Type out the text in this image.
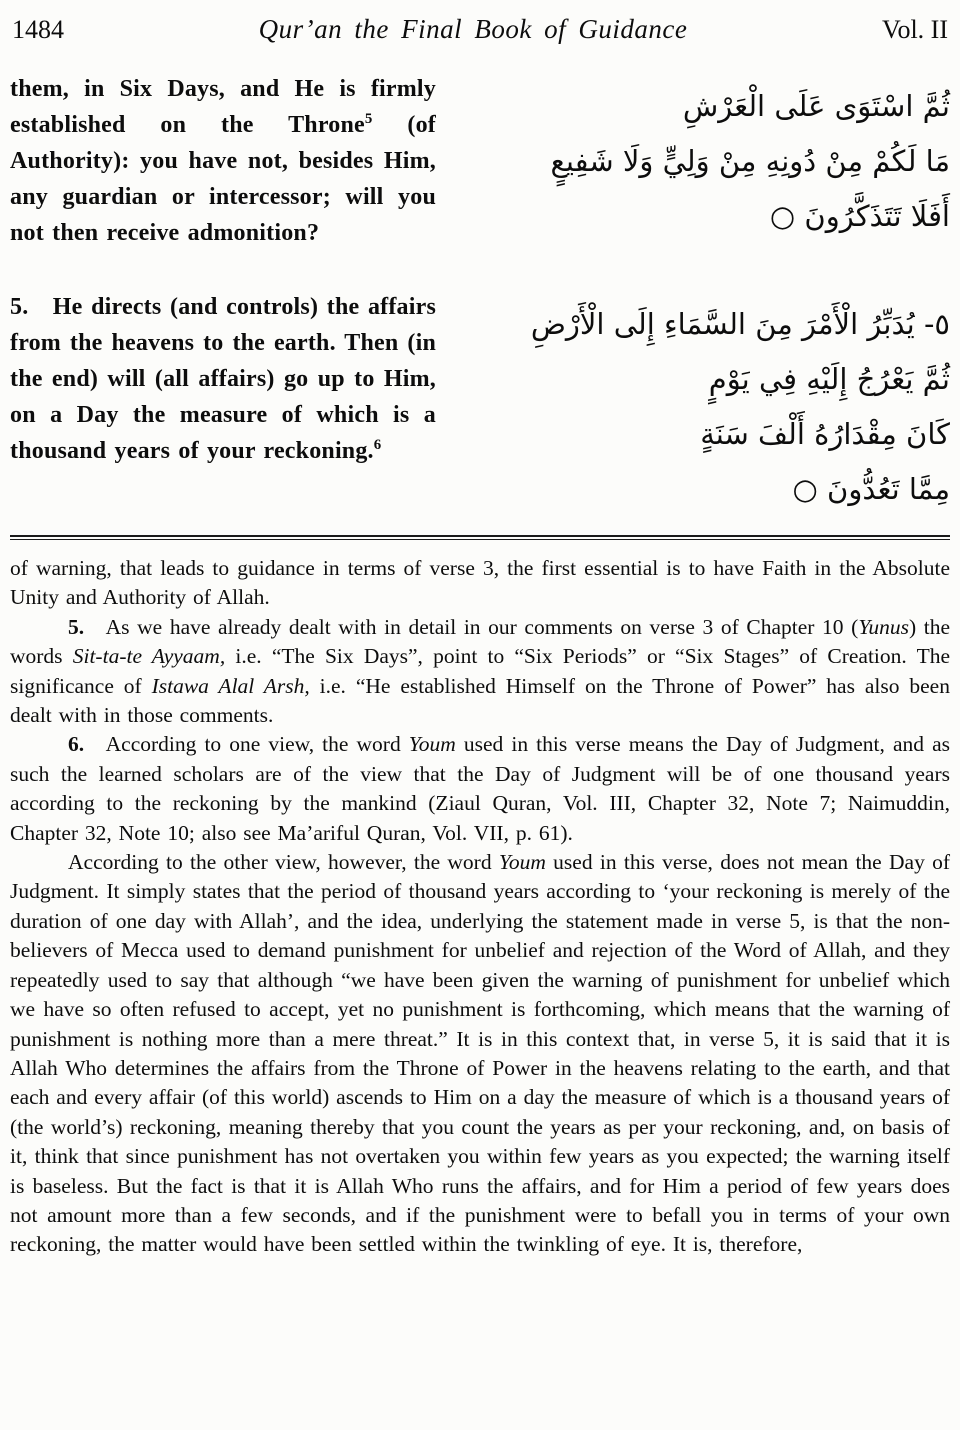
1484	Qur’an the Final Book of Guidance	Vol. II
them, in Six Days, and He is firmly established on the Throne$^5$ (of Authority): you have not, besides Him, any guardian or intercessor; will you not then receive admonition?
ثُمَّ اسْتَوَى عَلَى الْعَرْشِ
مَا لَكُمْ مِنْ دُونِهِ مِنْ وَلِيٍّ وَلَا شَفِيعٍ
أَفَلَا تَتَذَكَّرُونَ ○
5.  He directs (and controls) the affairs from the heavens to the earth. Then (in the end) will (all affairs) go up to Him, on a Day the measure of which is a thousand years of your reckoning.$^6$
٥- يُدَبِّرُ الْأَمْرَ مِنَ السَّمَاءِ إِلَى الْأَرْضِ
ثُمَّ يَعْرُجُ إِلَيْهِ فِي يَوْمٍ
كَانَ مِقْدَارُهُ أَلْفَ سَنَةٍ
مِمَّا تَعُدُّونَ ○

of warning, that leads to guidance in terms of verse 3, the first essential is to have Faith in the Absolute Unity and Authority of Allah.

5. As we have already dealt with in detail in our comments on verse 3 of Chapter 10 (Yunus) the words Sit-ta-te Ayyaam, i.e. “The Six Days”, point to “Six Periods” or “Six Stages” of Creation. The significance of Istawa Alal Arsh, i.e. “He established Himself on the Throne of Power” has also been dealt with in those comments.

6. According to one view, the word Youm used in this verse means the Day of Judgment, and as such the learned scholars are of the view that the Day of Judgment will be of one thousand years according to the reckoning by the mankind (Ziaul Quran, Vol. III, Chapter 32, Note 7; Naimuddin, Chapter 32, Note 10; also see Ma’ariful Quran, Vol. VII, p. 61).

According to the other view, however, the word Youm used in this verse, does not mean the Day of Judgment. It simply states that the period of thousand years according to ‘your reckoning is merely of the duration of one day with Allah’, and the idea, underlying the statement made in verse 5, is that the non-believers of Mecca used to demand punishment for unbelief and rejection of the Word of Allah, and they repeatedly used to say that although “we have been given the warning of punishment for unbelief which we have so often refused to accept, yet no punishment is forthcoming, which means that the warning of punishment is nothing more than a mere threat.” It is in this context that, in verse 5, it is said that it is Allah Who determines the affairs from the Throne of Power in the heavens relating to the earth, and that each and every affair (of this world) ascends to Him on a day the measure of which is a thousand years of (the world’s) reckoning, meaning thereby that you count the years as per your reckoning, and, on basis of it, think that since punishment has not overtaken you within few years as you expected; the warning itself is baseless. But the fact is that it is Allah Who runs the affairs, and for Him a period of few years does not amount more than a few seconds, and if the punishment were to befall you in terms of your own reckoning, the matter would have been settled within the twinkling of eye. It is, therefore,
